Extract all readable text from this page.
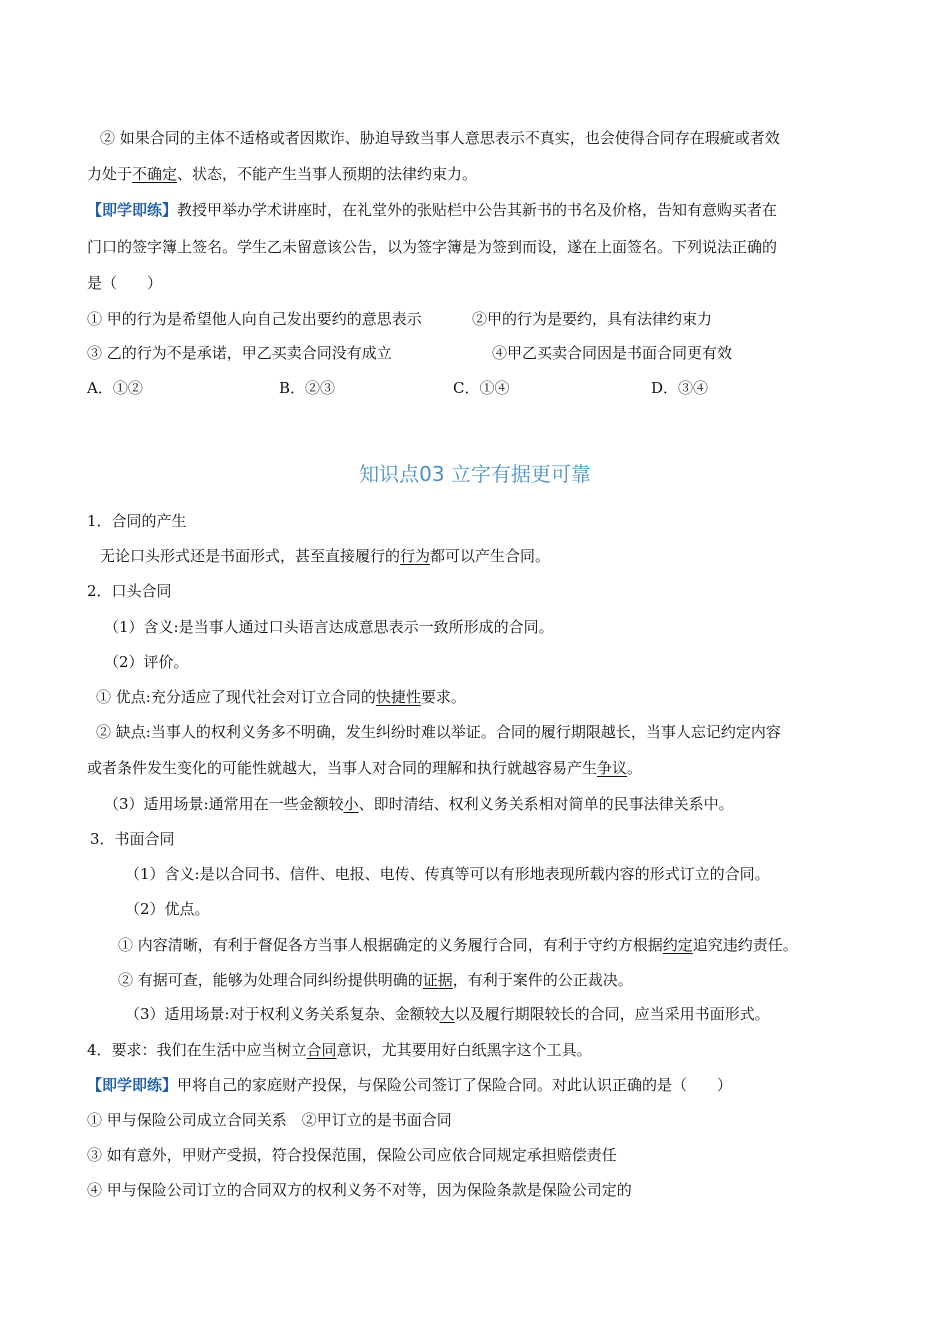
② 如果合同的主体不适格或者因欺诈、胁迫导致当事人意思表示不真实，也会使得合同存在瑕疵或者效
力处于不确定、状态，不能产生当事人预期的法律约束力。
【即学即练】教授甲举办学术讲座时，在礼堂外的张贴栏中公告其新书的书名及价格，告知有意购买者在
门口的签字簿上签名。学生乙未留意该公告，以为签字簿是为签到而设，遂在上面签名。下列说法正确的
是（　　）
① 甲的行为是希望他人向自己发出要约的意思表示	②甲的行为是要约，具有法律约束力
③ 乙的行为不是承诺，甲乙买卖合同没有成立	④甲乙买卖合同因是书面合同更有效
A．①②	B．②③	C．①④	D．③④
知识点03 立字有据更可靠
1．合同的产生
无论口头形式还是书面形式，甚至直接履行的行为都可以产生合同。
2．口头合同
（1）含义:是当事人通过口头语言达成意思表示一致所形成的合同。
（2）评价。
① 优点:充分适应了现代社会对订立合同的快捷性要求。
② 缺点:当事人的权利义务多不明确，发生纠纷时难以举证。合同的履行期限越长，当事人忘记约定内容
或者条件发生变化的可能性就越大，当事人对合同的理解和执行就越容易产生争议。
（3）适用场景:通常用在一些金额较小、即时清结、权利义务关系相对简单的民事法律关系中。
3．书面合同
（1）含义:是以合同书、信件、电报、电传、传真等可以有形地表现所载内容的形式订立的合同。
（2）优点。
① 内容清晰，有利于督促各方当事人根据确定的义务履行合同，有利于守约方根据约定追究违约责任。
② 有据可查，能够为处理合同纠纷提供明确的证据，有利于案件的公正裁决。
（3）适用场景:对于权利义务关系复杂、金额较大以及履行期限较长的合同，应当采用书面形式。
4．要求：我们在生活中应当树立合同意识，尤其要用好白纸黑字这个工具。
【即学即练】甲将自己的家庭财产投保，与保险公司签订了保险合同。对此认识正确的是（　　）
① 甲与保险公司成立合同关系　②甲订立的是书面合同
③ 如有意外，甲财产受损，符合投保范围，保险公司应依合同规定承担赔偿责任
④ 甲与保险公司订立的合同双方的权利义务不对等，因为保险条款是保险公司定的
